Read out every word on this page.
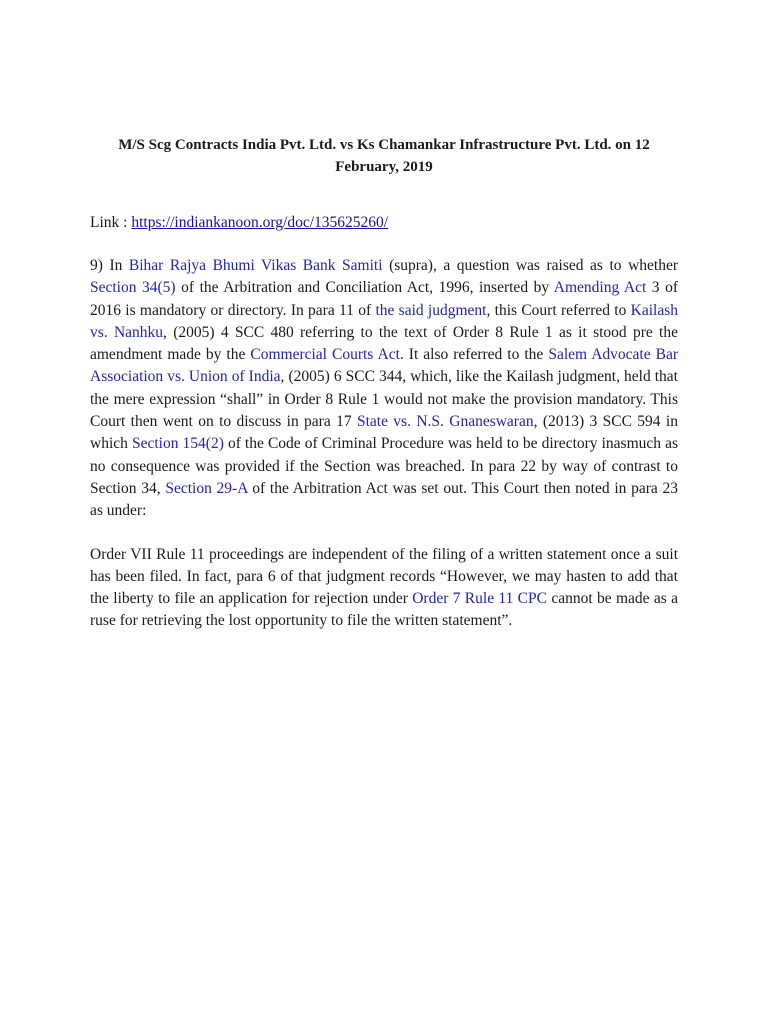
M/S Scg Contracts India Pvt. Ltd. vs Ks Chamankar Infrastructure Pvt. Ltd. on 12 February, 2019

Link : https://indiankanoon.org/doc/135625260/

9) In Bihar Rajya Bhumi Vikas Bank Samiti (supra), a question was raised as to whether Section 34(5) of the Arbitration and Conciliation Act, 1996, inserted by Amending Act 3 of 2016 is mandatory or directory. In para 11 of the said judgment, this Court referred to Kailash vs. Nanhku, (2005) 4 SCC 480 referring to the text of Order 8 Rule 1 as it stood pre the amendment made by the Commercial Courts Act. It also referred to the Salem Advocate Bar Association vs. Union of India, (2005) 6 SCC 344, which, like the Kailash judgment, held that the mere expression “shall” in Order 8 Rule 1 would not make the provision mandatory. This Court then went on to discuss in para 17 State vs. N.S. Gnaneswaran, (2013) 3 SCC 594 in which Section 154(2) of the Code of Criminal Procedure was held to be directory inasmuch as no consequence was provided if the Section was breached. In para 22 by way of contrast to Section 34, Section 29-A of the Arbitration Act was set out. This Court then noted in para 23 as under:

Order VII Rule 11 proceedings are independent of the filing of a written statement once a suit has been filed. In fact, para 6 of that judgment records “However, we may hasten to add that the liberty to file an application for rejection under Order 7 Rule 11 CPC cannot be made as a ruse for retrieving the lost opportunity to file the written statement”.
